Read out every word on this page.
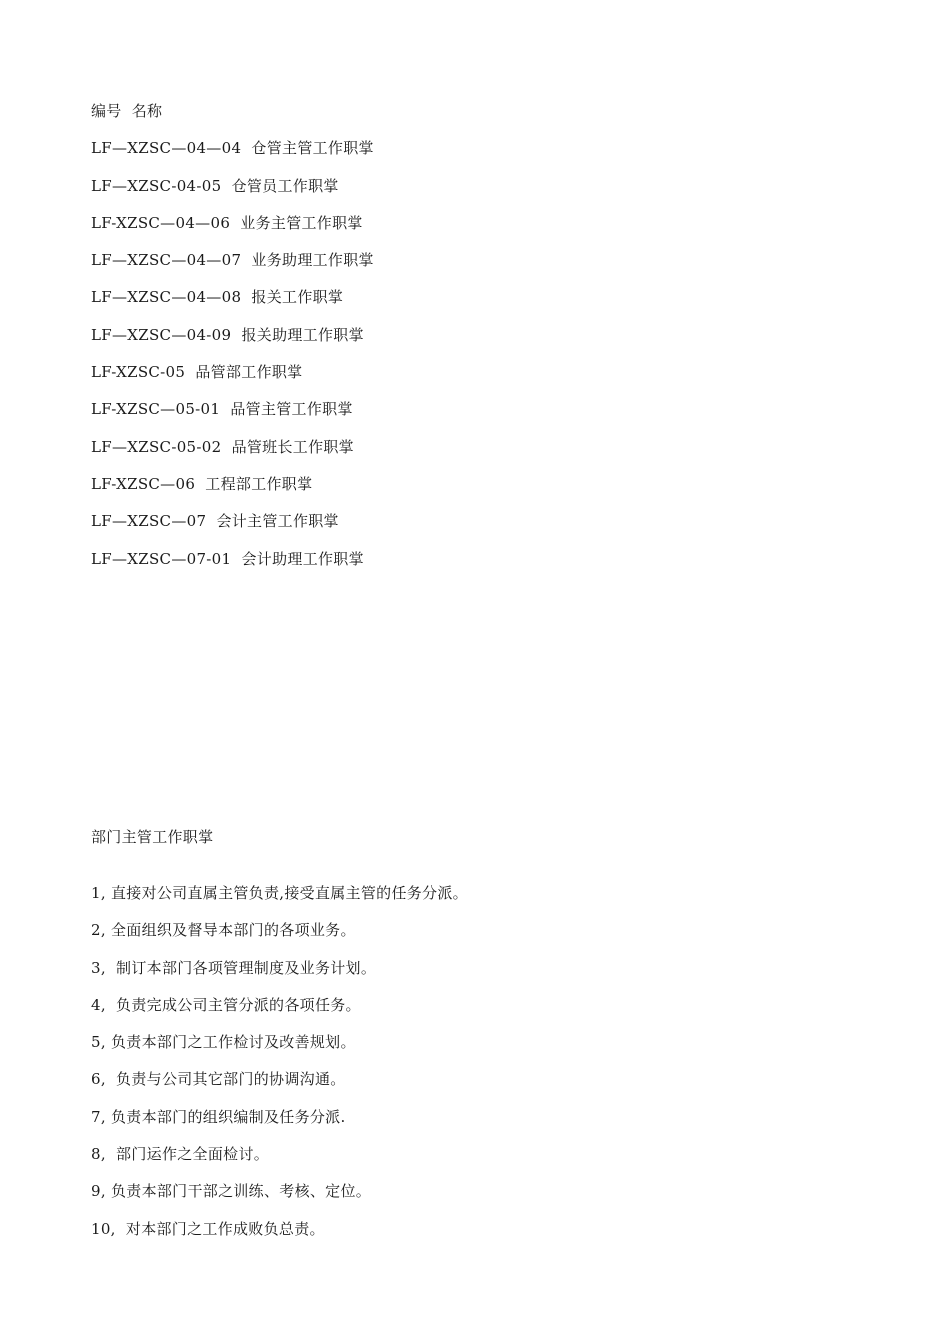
编号  名称
LF—XZSC—04—04  仓管主管工作职掌
LF—XZSC-04-05  仓管员工作职掌
LF-XZSC—04—06  业务主管工作职掌
LF—XZSC—04—07  业务助理工作职掌
LF—XZSC—04—08  报关工作职掌
LF—XZSC—04-09  报关助理工作职掌
LF-XZSC-05  品管部工作职掌
LF-XZSC—05-01  品管主管工作职掌
LF—XZSC-05-02  品管班长工作职掌
LF-XZSC—06  工程部工作职掌
LF—XZSC—07  会计主管工作职掌
LF—XZSC—07-01  会计助理工作职掌
部门主管工作职掌
1, 直接对公司直属主管负责,接受直属主管的任务分派。
2, 全面组织及督导本部门的各项业务。
3,  制订本部门各项管理制度及业务计划。
4,  负责完成公司主管分派的各项任务。
5, 负责本部门之工作检讨及改善规划。
6,  负责与公司其它部门的协调沟通。
7, 负责本部门的组织编制及任务分派.
8,  部门运作之全面检讨。
9, 负责本部门干部之训练、考核、定位。
10,  对本部门之工作成败负总责。
